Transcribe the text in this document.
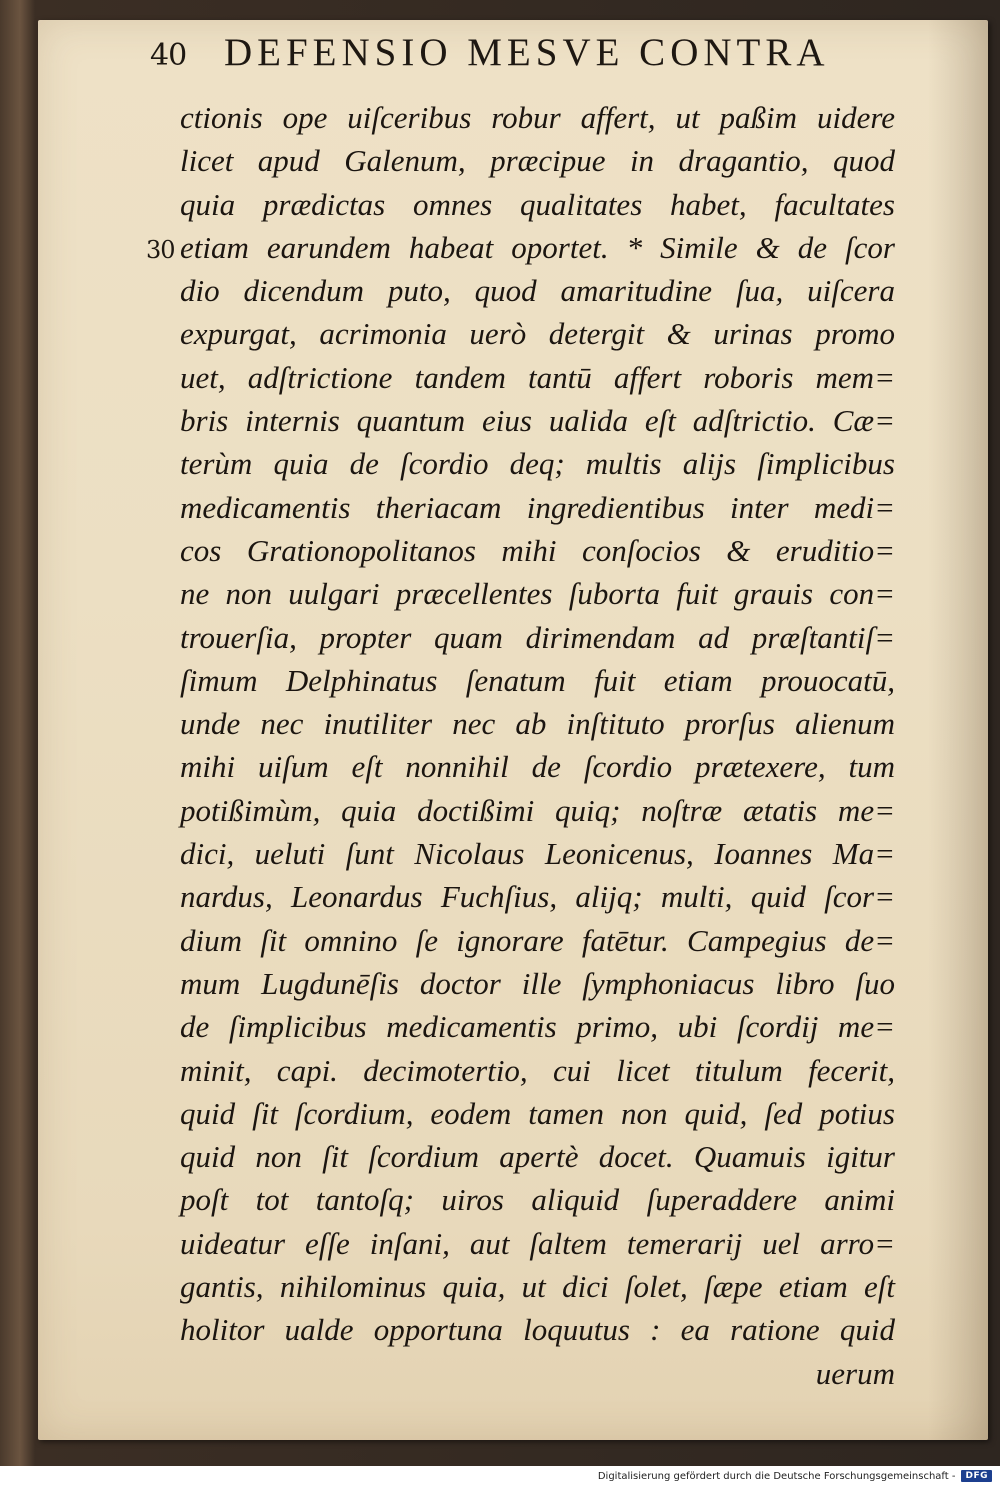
40 DEFENSIO MESVE CONTRA
30
ctionis ope uiſceribus robur affert, ut paßim uidere
licet apud Galenum, præcipue in dragantio, quod
quia prædictas omnes qualitates habet, facultates
etiam earundem habeat oportet. * Simile & de ſcor
dio dicendum puto, quod amaritudine ſua, uiſcera
expurgat, acrimonia uerò detergit & urinas promo
uet, adſtrictione tandem tantū affert roboris mem=
bris internis quantum eius ualida eſt adſtrictio. Cæ=
terùm quia de ſcordio deq; multis alijs ſimplicibus
medicamentis theriacam ingredientibus inter medi=
cos Grationopolitanos mihi conſocios & eruditio=
ne non uulgari præcellentes ſuborta fuit grauis con=
trouerſia, propter quam dirimendam ad præſtantiſ=
ſimum Delphinatus ſenatum fuit etiam prouocatū,
unde nec inutiliter nec ab inſtituto prorſus alienum
mihi uiſum eſt nonnihil de ſcordio prætexere, tum
potißimùm, quia doctißimi quiq; noſtræ ætatis me=
dici, ueluti ſunt Nicolaus Leonicenus, Ioannes Ma=
nardus, Leonardus Fuchſius, alijq; multi, quid ſcor=
dium ſit omnino ſe ignorare fatētur. Campegius de=
mum Lugdunēſis doctor ille ſymphoniacus libro ſuo
de ſimplicibus medicamentis primo, ubi ſcordij me=
minit, capi. decimotertio, cui licet titulum fecerit,
quid ſit ſcordium, eodem tamen non quid, ſed potius
quid non ſit ſcordium apertè docet. Quamuis igitur
poſt tot tantoſq; uiros aliquid ſuperaddere animi
uideatur eſſe inſani, aut ſaltem temerarij uel arro=
gantis, nihilominus quia, ut dici ſolet, ſæpe etiam eſt
holitor ualde opportuna loquutus : ea ratione quid
uerum
Digitalisierung gefördert durch die Deutsche Forschungsgemeinschaft -	DFG
